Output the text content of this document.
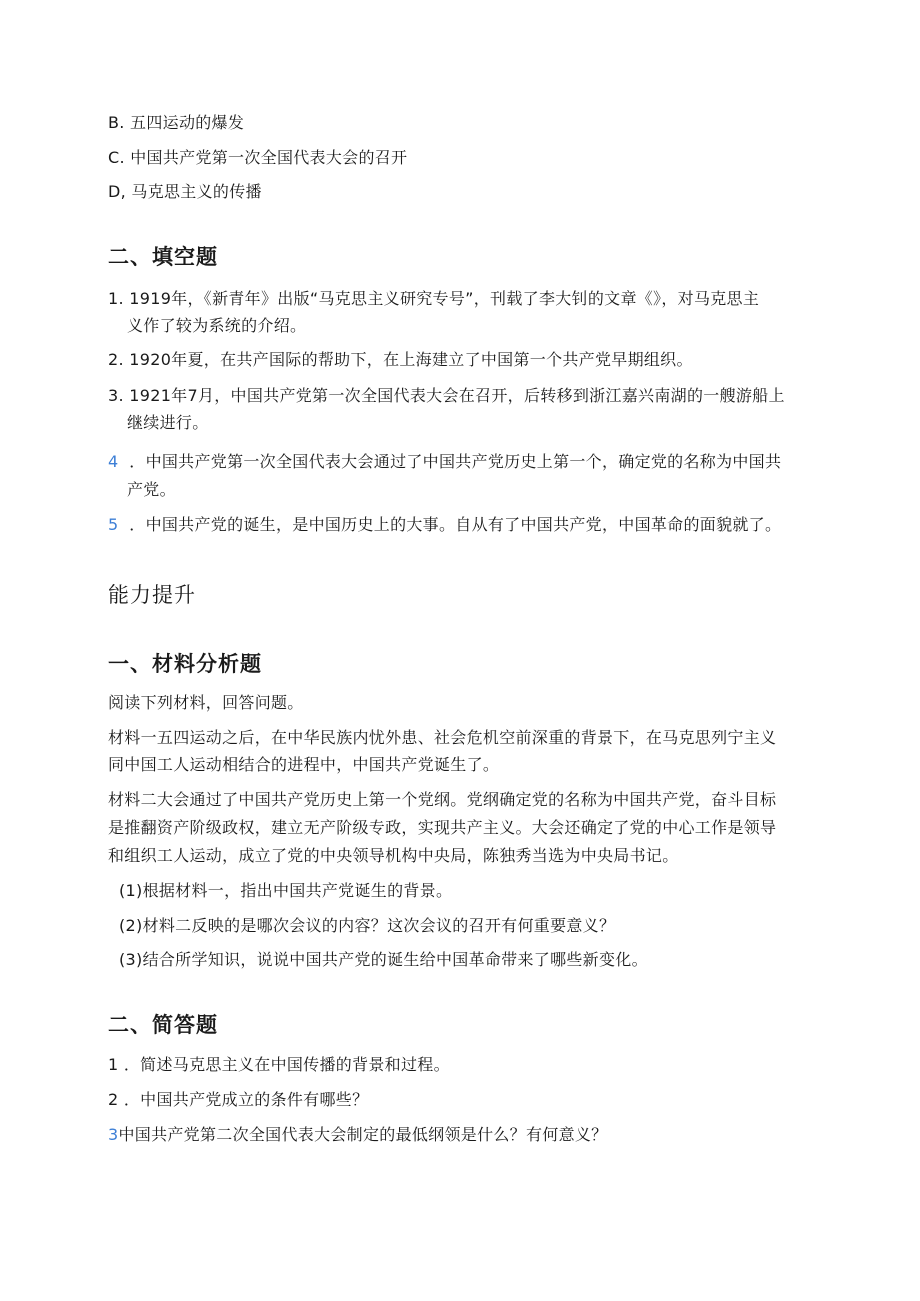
B. 五四运动的爆发
C. 中国共产党第一次全国代表大会的召开
D, 马克思主义的传播
二、填空题
1. 1919年，《新青年》出版“马克思主义研究专号”，刊载了李大钊的文章《》，对马克思主
义作了较为系统的介绍。
2. 1920年夏，在共产国际的帮助下，在上海建立了中国第一个共产党早期组织。
3. 1921年7月，中国共产党第一次全国代表大会在召开，后转移到浙江嘉兴南湖的一艘游船上
继续进行。
4 ．中国共产党第一次全国代表大会通过了中国共产党历史上第一个，确定党的名称为中国共
产党。
5 ．中国共产党的诞生，是中国历史上的大事。自从有了中国共产党，中国革命的面貌就了。
能力提升
一、材料分析题
阅读下列材料，回答问题。
材料一五四运动之后，在中华民族内忧外患、社会危机空前深重的背景下，在马克思列宁主义
同中国工人运动相结合的进程中，中国共产党诞生了。
材料二大会通过了中国共产党历史上第一个党纲。党纲确定党的名称为中国共产党，奋斗目标
是推翻资产阶级政权，建立无产阶级专政，实现共产主义。大会还确定了党的中心工作是领导
和组织工人运动，成立了党的中央领导机构中央局，陈独秀当选为中央局书记。
(1)根据材料一，指出中国共产党诞生的背景。
(2)材料二反映的是哪次会议的内容？这次会议的召开有何重要意义？
(3)结合所学知识，说说中国共产党的诞生给中国革命带来了哪些新变化。
二、简答题
1 ．简述马克思主义在中国传播的背景和过程。
2 ．中国共产党成立的条件有哪些？
3中国共产党第二次全国代表大会制定的最低纲领是什么？有何意义？
